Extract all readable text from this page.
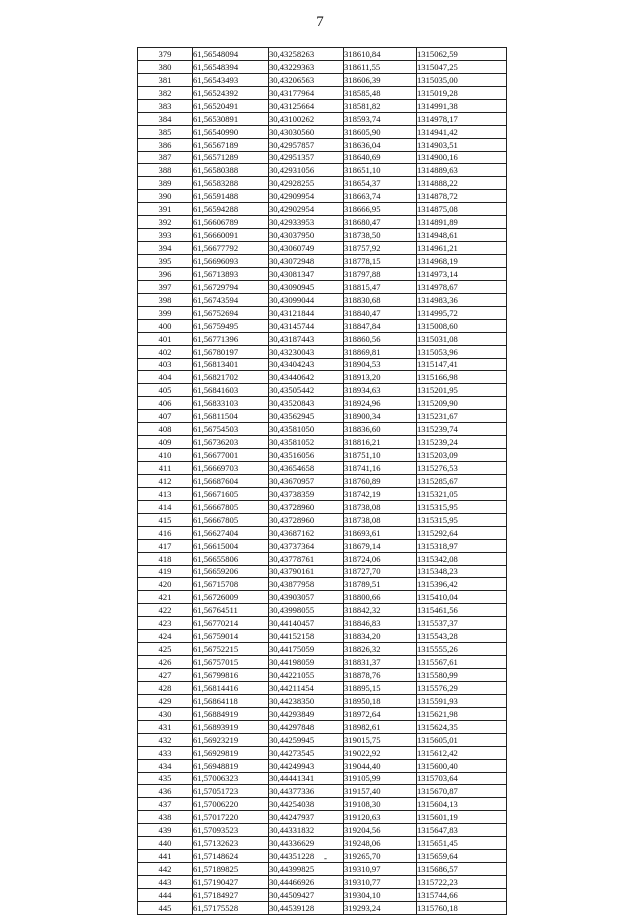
7
379	61,56548094	30,43258263	318610,84	1315062,59
380	61,56548394	30,43229363	318611,55	1315047,25
381	61,56543493	30,43206563	318606,39	1315035,00
382	61,56524392	30,43177964	318585,48	1315019,28
383	61,56520491	30,43125664	318581,82	1314991,38
384	61,56530891	30,43100262	318593,74	1314978,17
385	61,56540990	30,43030560	318605,90	1314941,42
386	61,56567189	30,42957857	318636,04	1314903,51
387	61,56571289	30,42951357	318640,69	1314900,16
388	61,56580388	30,42931056	318651,10	1314889,63
389	61,56583288	30,42928255	318654,37	1314888,22
390	61,56591488	30,42909954	318663,74	1314878,72
391	61,56594288	30,42902954	318666,95	1314875,08
392	61,56606789	30,42933953	318680,47	1314891,89
393	61,56660091	30,43037950	318738,50	1314948,61
394	61,56677792	30,43060749	318757,92	1314961,21
395	61,56696093	30,43072948	318778,15	1314968,19
396	61,56713893	30,43081347	318797,88	1314973,14
397	61,56729794	30,43090945	318815,47	1314978,67
398	61,56743594	30,43099044	318830,68	1314983,36
399	61,56752694	30,43121844	318840,47	1314995,72
400	61,56759495	30,43145744	318847,84	1315008,60
401	61,56771396	30,43187443	318860,56	1315031,08
402	61,56780197	30,43230043	318869,81	1315053,96
403	61,56813401	30,43404243	318904,53	1315147,41
404	61,56821702	30,43440642	318913,20	1315166,98
405	61,56841603	30,43505442	318934,63	1315201,95
406	61,56833103	30,43520843	318924,96	1315209,90
407	61,56811504	30,43562945	318900,34	1315231,67
408	61,56754503	30,43581050	318836,60	1315239,74
409	61,56736203	30,43581052	318816,21	1315239,24
410	61,56677001	30,43516056	318751,10	1315203,09
411	61,56669703	30,43654658	318741,16	1315276,53
412	61,56687604	30,43670957	318760,89	1315285,67
413	61,56671605	30,43738359	318742,19	1315321,05
414	61,56667805	30,43728960	318738,08	1315315,95
415	61,56667805	30,43728960	318738,08	1315315,95
416	61,56627404	30,43687162	318693,61	1315292,64
417	61,56615004	30,43737364	318679,14	1315318,97
418	61,56655806	30,43778761	318724,06	1315342,08
419	61,56659206	30,43790161	318727,70	1315348,23
420	61,56715708	30,43877958	318789,51	1315396,42
421	61,56726009	30,43903057	318800,66	1315410,04
422	61,56764511	30,43998055	318842,32	1315461,56
423	61,56770214	30,44140457	318846,83	1315537,37
424	61,56759014	30,44152158	318834,20	1315543,28
425	61,56752215	30,44175059	318826,32	1315555,26
426	61,56757015	30,44198059	318831,37	1315567,61
427	61,56799816	30,44221055	318878,76	1315580,99
428	61,56814416	30,44211454	318895,15	1315576,29
429	61,56864118	30,44238350	318950,18	1315591,93
430	61,56884919	30,44293849	318972,64	1315621,98
431	61,56893919	30,44297848	318982,61	1315624,35
432	61,56923219	30,44259945	319015,75	1315605,01
433	61,56929819	30,44273545	319022,92	1315612,42
434	61,56948819	30,44249943	319044,40	1315600,40
435	61,57006323	30,44441341	319105,99	1315703,64
436	61,57051723	30,44377336	319157,40	1315670,87
437	61,57006220	30,44254038	319108,30	1315604,13
438	61,57017220	30,44247937	319120,63	1315601,19
439	61,57093523	30,44331832	319204,56	1315647,83
440	61,57132623	30,44336629	319248,06	1315651,45
441	61,57148624	30,44351228	319265,70	1315659,64
442	61,57189825	30,44399825	319310,97	1315686,57
443	61,57190427	30,44466926	319310,77	1315722,23
444	61,57184927	30,44509427	319304,10	1315744,66
445	61,57175528	30,44539128	319293,24	1315760,18
-
